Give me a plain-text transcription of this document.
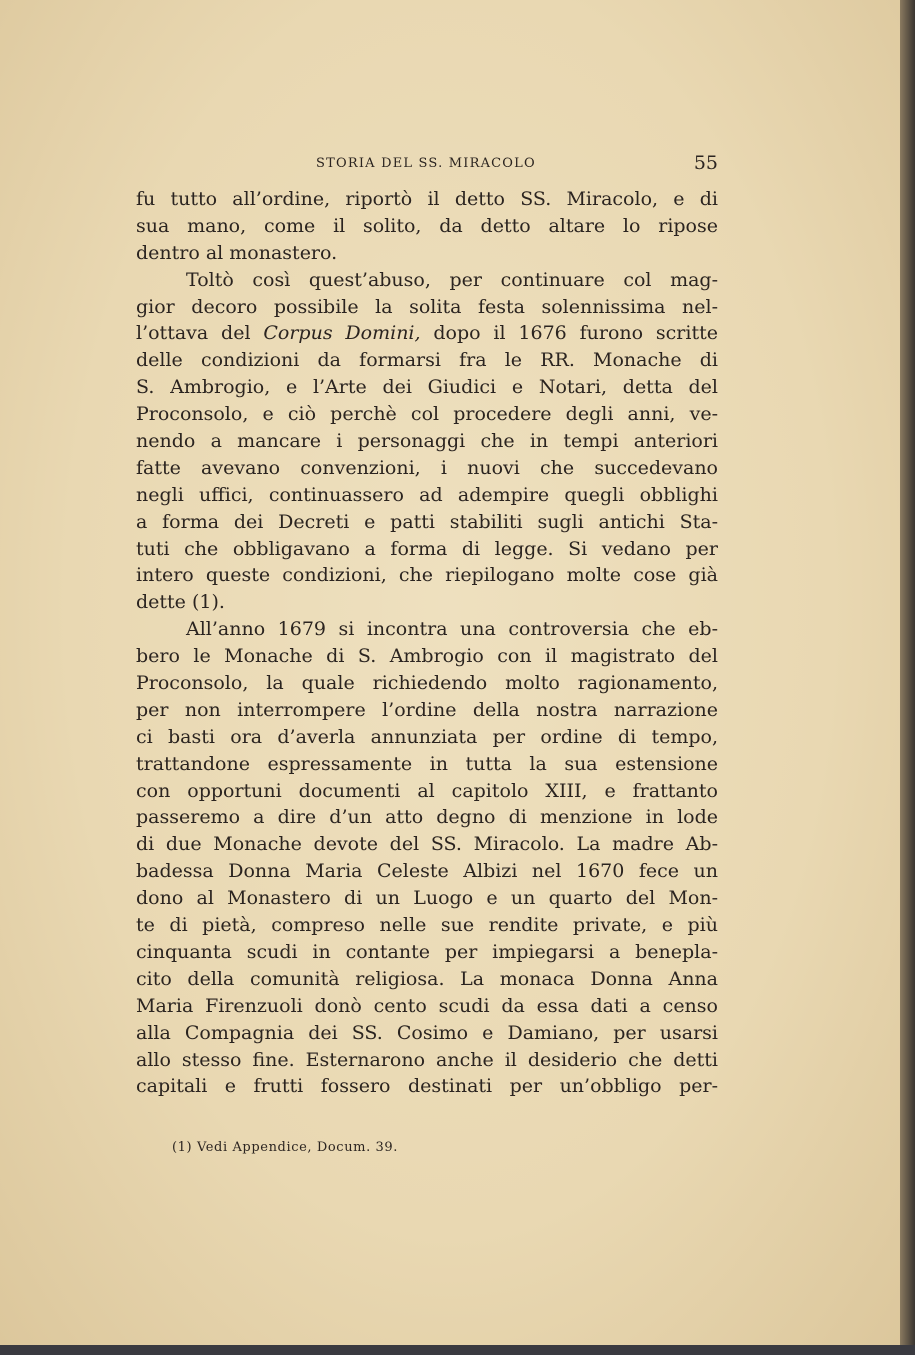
STORIA DEL SS. MIRACOLO	55
fu tutto all’ordine, riportò il detto SS. Miracolo, e di
sua mano, come il solito, da detto altare lo ripose
dentro al monastero.
Toltò così quest’abuso, per continuare col mag-
gior decoro possibile la solita festa solennissima nel-
l’ottava del Corpus Domini, dopo il 1676 furono scritte
delle condizioni da formarsi fra le RR. Monache di
S. Ambrogio, e l’Arte dei Giudici e Notari, detta del
Proconsolo, e ciò perchè col procedere degli anni, ve-
nendo a mancare i personaggi che in tempi anteriori
fatte avevano convenzioni, i nuovi che succedevano
negli uffici, continuassero ad adempire quegli obblighi
a forma dei Decreti e patti stabiliti sugli antichi Sta-
tuti che obbligavano a forma di legge. Si vedano per
intero queste condizioni, che riepilogano molte cose già
dette (1).
All’anno 1679 si incontra una controversia che eb-
bero le Monache di S. Ambrogio con il magistrato del
Proconsolo, la quale richiedendo molto ragionamento,
per non interrompere l’ordine della nostra narrazione
ci basti ora d’averla annunziata per ordine di tempo,
trattandone espressamente in tutta la sua estensione
con opportuni documenti al capitolo XIII, e frattanto
passeremo a dire d’un atto degno di menzione in lode
di due Monache devote del SS. Miracolo. La madre Ab-
badessa Donna Maria Celeste Albizi nel 1670 fece un
dono al Monastero di un Luogo e un quarto del Mon-
te di pietà, compreso nelle sue rendite private, e più
cinquanta scudi in contante per impiegarsi a benepla-
cito della comunità religiosa. La monaca Donna Anna
Maria Firenzuoli donò cento scudi da essa dati a censo
alla Compagnia dei SS. Cosimo e Damiano, per usarsi
allo stesso fine. Esternarono anche il desiderio che detti
capitali e frutti fossero destinati per un’obbligo per-
(1) Vedi Appendice, Docum. 39.
